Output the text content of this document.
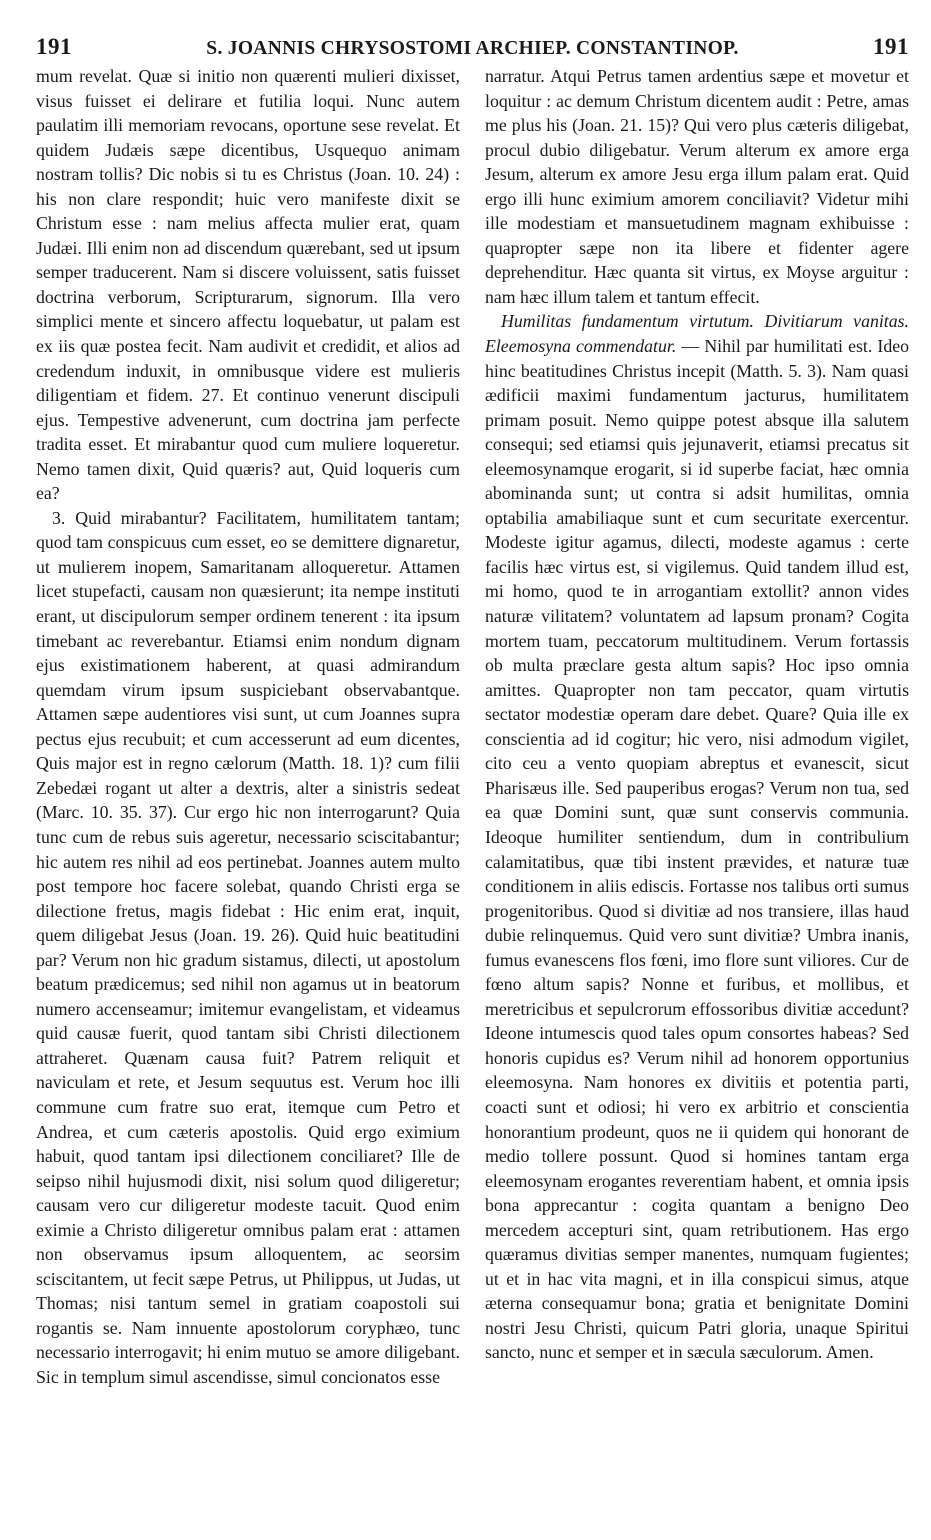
191	S. JOANNIS CHRYSOSTOMI ARCHIEP. CONSTANTINOP.	191

mum revelat. Quæ si initio non quærenti mulieri dixisset, visus fuisset ei delirare et futilia loqui. Nunc autem paulatim illi memoriam revocans, oportune sese revelat. Et quidem Judæis sæpe dicentibus, Usquequo animam nostram tollis? Dic nobis si tu es Christus (Joan. 10. 24) : his non clare respondit; huic vero manifeste dixit se Christum esse : nam melius affecta mulier erat, quam Judæi. Illi enim non ad discendum quærebant, sed ut ipsum semper traducerent. Nam si discere voluissent, satis fuisset doctrina verborum, Scripturarum, signorum. Illa vero simplici mente et sincero affectu loquebatur, ut palam est ex iis quæ postea fecit. Nam audivit et credidit, et alios ad credendum induxit, in omnibusque videre est mulieris diligentiam et fidem. 27. Et continuo venerunt discipuli ejus. Tempestive advenerunt, cum doctrina jam perfecte tradita esset. Et mirabantur quod cum muliere loqueretur. Nemo tamen dixit, Quid quæris? aut, Quid loqueris cum ea?

3. Quid mirabantur? Facilitatem, humilitatem tantam; quod tam conspicuus cum esset, eo se demittere dignaretur, ut mulierem inopem, Samaritanam alloqueretur. Attamen licet stupefacti, causam non quæsierunt; ita nempe instituti erant, ut discipulorum semper ordinem tenerent : ita ipsum timebant ac reverebantur. Etiamsi enim nondum dignam ejus existimationem haberent, at quasi admirandum quemdam virum ipsum suspiciebant observabantque. Attamen sæpe audentiores visi sunt, ut cum Joannes supra pectus ejus recubuit; et cum accesserunt ad eum dicentes, Quis major est in regno cælorum (Matth. 18. 1)? cum filii Zebedæi rogant ut alter a dextris, alter a sinistris sedeat (Marc. 10. 35. 37). Cur ergo hic non interrogarunt? Quia tunc cum de rebus suis ageretur, necessario sciscitabantur; hic autem res nihil ad eos pertinebat. Joannes autem multo post tempore hoc facere solebat, quando Christi erga se dilectione fretus, magis fidebat : Hic enim erat, inquit, quem diligebat Jesus (Joan. 19. 26). Quid huic beatitudini par? Verum non hic gradum sistamus, dilecti, ut apostolum beatum prædicemus; sed nihil non agamus ut in beatorum numero accenseamur; imitemur evangelistam, et videamus quid causæ fuerit, quod tantam sibi Christi dilectionem attraheret. Quænam causa fuit? Patrem reliquit et naviculam et rete, et Jesum sequutus est. Verum hoc illi commune cum fratre suo erat, itemque cum Petro et Andrea, et cum cæteris apostolis. Quid ergo eximium habuit, quod tantam ipsi dilectionem conciliaret? Ille de seipso nihil hujusmodi dixit, nisi solum quod diligeretur; causam vero cur diligeretur modeste tacuit. Quod enim eximie a Christo diligeretur omnibus palam erat : attamen non observamus ipsum alloquentem, ac seorsim sciscitantem, ut fecit sæpe Petrus, ut Philippus, ut Judas, ut Thomas; nisi tantum semel in gratiam coapostoli sui rogantis se. Nam innuente apostolorum coryphæo, tunc necessario interrogavit; hi enim mutuo se amore diligebant. Sic in templum simul ascendisse, simul concionatos esse

narratur. Atqui Petrus tamen ardentius sæpe et movetur et loquitur : ac demum Christum dicentem audit : Petre, amas me plus his (Joan. 21. 15)? Qui vero plus cæteris diligebat, procul dubio diligebatur. Verum alterum ex amore erga Jesum, alterum ex amore Jesu erga illum palam erat. Quid ergo illi hunc eximium amorem conciliavit? Videtur mihi ille modestiam et mansuetudinem magnam exhibuisse : quapropter sæpe non ita libere et fidenter agere deprehenditur. Hæc quanta sit virtus, ex Moyse arguitur : nam hæc illum talem et tantum effecit.

Humilitas fundamentum virtutum. Divitiarum vanitas. Eleemosyna commendatur. — Nihil par humilitati est. Ideo hinc beatitudines Christus incepit (Matth. 5. 3). Nam quasi ædificii maximi fundamentum jacturus, humilitatem primam posuit. Nemo quippe potest absque illa salutem consequi; sed etiamsi quis jejunaverit, etiamsi precatus sit eleemosynamque erogarit, si id superbe faciat, hæc omnia abominanda sunt; ut contra si adsit humilitas, omnia optabilia amabiliaque sunt et cum securitate exercentur. Modeste igitur agamus, dilecti, modeste agamus : certe facilis hæc virtus est, si vigilemus. Quid tandem illud est, mi homo, quod te in arrogantiam extollit? annon vides naturæ vilitatem? voluntatem ad lapsum pronam? Cogita mortem tuam, peccatorum multitudinem. Verum fortassis ob multa præclare gesta altum sapis? Hoc ipso omnia amittes. Quapropter non tam peccator, quam virtutis sectator modestiæ operam dare debet. Quare? Quia ille ex conscientia ad id cogitur; hic vero, nisi admodum vigilet, cito ceu a vento quopiam abreptus et evanescit, sicut Pharisæus ille. Sed pauperibus erogas? Verum non tua, sed ea quæ Domini sunt, quæ sunt conservis communia. Ideoque humiliter sentiendum, dum in contribulium calamitatibus, quæ tibi instent prævides, et naturæ tuæ conditionem in aliis ediscis. Fortasse nos talibus orti sumus progenitoribus. Quod si divitiæ ad nos transiere, illas haud dubie relinquemus. Quid vero sunt divitiæ? Umbra inanis, fumus evanescens flos fœni, imo flore sunt viliores. Cur de fœno altum sapis? Nonne et furibus, et mollibus, et meretricibus et sepulcrorum effossoribus divitiæ accedunt? Ideone intumescis quod tales opum consortes habeas? Sed honoris cupidus es? Verum nihil ad honorem opportunius eleemosyna. Nam honores ex divitiis et potentia parti, coacti sunt et odiosi; hi vero ex arbitrio et conscientia honorantium prodeunt, quos ne ii quidem qui honorant de medio tollere possunt. Quod si homines tantam erga eleemosynam erogantes reverentiam habent, et omnia ipsis bona apprecantur : cogita quantam a benigno Deo mercedem accepturi sint, quam retributionem. Has ergo quæramus divitias semper manentes, numquam fugientes; ut et in hac vita magni, et in illa conspicui simus, atque æterna consequamur bona; gratia et benignitate Domini nostri Jesu Christi, quicum Patri gloria, unaque Spiritui sancto, nunc et semper et in sæcula sæculorum. Amen.
